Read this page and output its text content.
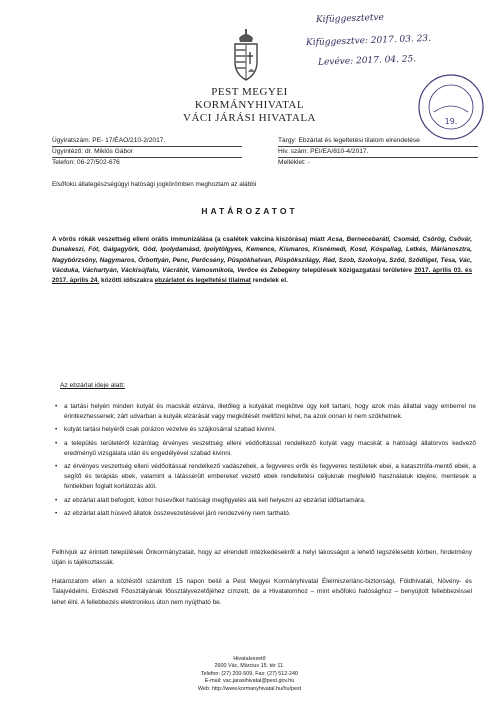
Kifüggesztetve
Kifüggesztve: 2017. 03. 23.
Levéve: 2017. 04. 25.
19.
PEST MEGYEI
KORMÁNYHIVATAL
VÁCI JÁRÁSI HIVATALA
Ügyiratszám: PE- 17/ÉAO/210-2/2017.
Ügyintéző: dr. Miklós Gábor
Telefon: 06-27/502-676
Tárgy: Ebzárlat és legeltetési tilalom elrendelése
Hiv. szám: PEI/EA/810-4/2017.
Melléklet: -
Elsőfokú állategészségügyi hatósági jogkörömben meghoztam az alábbi
HATÁROZATOT
A vörös rókák veszettség elleni orális immunizálása (a csalétek vakcina kiszórása) miatt Acsa, Bernecebaráti, Csomád, Csörög, Csővár, Dunakeszi, Fót, Galgagyörk, Göd, Ipolydamásd, Ipolytölgyes, Kemence, Kismaros, Kisnémedi, Kosd, Kóspallag, Letkés, Márianosztra, Nagybörzsöny, Nagymaros, Őrbottyán, Penc, Perőcsény, Püspökhatvan, Püspökszilágy, Rád, Szob, Szokolya, Sződ, Sződliget, Tésa, Vác, Vácduka, Váchartyán, Váckisújfalu, Vácrátót, Vámosmikola, Verőce és Zebegény települések közigazgatási területére 2017. április 03. és 2017. április 24. közötti időszakra ebzárlatot és legeltetési tilalmat rendelek el.
Az ebzárlat ideje alatt:
• a tartási helyén minden kutyát és macskát elzárva, illetőleg a kutyákat megkötve úgy kell tartani, hogy azok más állattal vagy emberrel ne érintkezhessenek; zárt udvarban a kutyák elzárását vagy megkötését mellőzni lehet, ha azok onnan ki nem szökhetnek.
• kutyát tartási helyéről csak pórázon vezetve és szájkosárral szabad kivinni.
• a település területéről kizárólag érvényes veszettség elleni védőoltással rendelkező kutyát vagy macskát a hatósági állatorvos kedvező eredményű vizsgálata után és engedélyével szabad kivinni.
• az érvényes veszettség elleni védőoltással rendelkező vadászebek, a fegyveres erők és fegyveres testületek ebei, a katasztrófa-mentő ebek, a segítő és terápiás ebek, valamint a látássérült embereket vezető ebek rendeltetési céljuknak megfelelő használatuk idejére, mentesek a fentiekben foglalt korlátozás alól.
• az ebzárlat alatt befogott, kóbor húsevőket hatósági megfigyelés alá kell helyezni az ebzárlat időtartamára.
• az ebzárlat alatt húsevő állatok összevezetésével járó rendezvény nem tartható.
Felhívjuk az érintett települések Önkormányzatait, hogy az elrendelt intézkedésekről a helyi lakosságot a lehető legszélesebb körben, hirdetmény útján is tájékoztassák.
Határozatom ellen a közléstől számított 15 napon belül a Pest Megyei Kormányhivatal Élelmiszerlánc-biztonsági, Földhivatali, Növény- és Talajvédelmi, Erdészeti Főosztályának főosztályvezetőjéhez címzett, de a Hivatalomhoz – mint elsőfokú hatósághoz – benyújtott fellebbezéssel lehet élni. A fellebbezés elektronikus úton nem nyújtható be.
Hivatalvezető
2600 Vác, Március 15. tér 11.
Telefon: (27) 200-509, Fax: (27) 512-240
E-mail: vac.jarasihivatal@pest.gov.hu
Web: http://www.kormanyhivatal.hu/hu/pest
